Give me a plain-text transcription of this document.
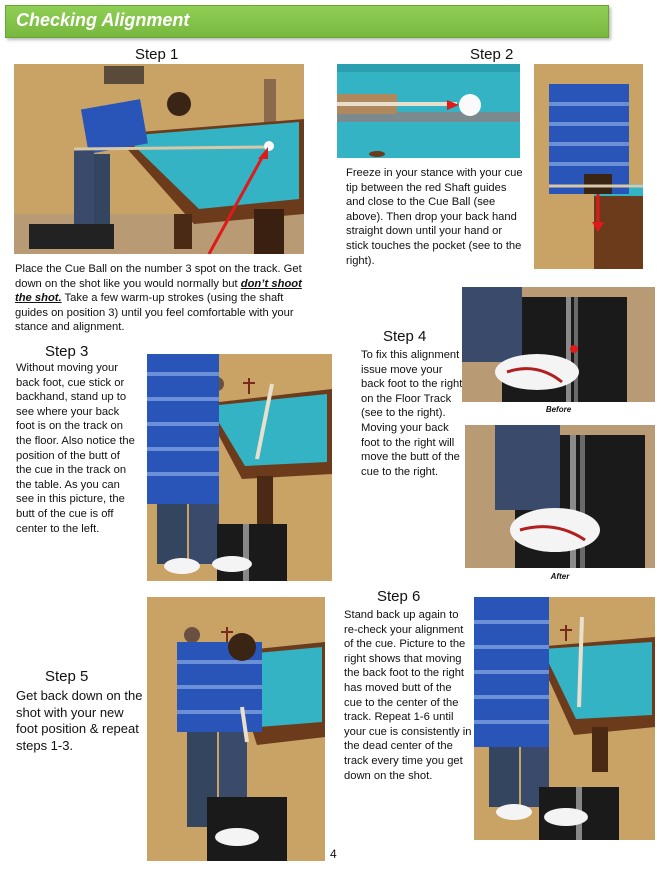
Checking Alignment
Step 1
Place the Cue Ball on the number 3 spot on the track. Get down on the shot like you would normally but don’t shoot the shot. Take a few warm-up strokes (using the shaft guides on position 3) until you feel comfortable with your stance and alignment.
Step 2
Freeze in your stance with your cue tip between the red Shaft guides and close to the Cue Ball (see above). Then drop your back hand straight down until your hand or stick touches the pocket (see to the right).
Step 3
Without moving your back foot, cue stick or backhand, stand up to see where your back foot is on the track on the floor. Also notice the position of the butt of the cue in the track on the table. As you can see in this picture, the butt of the cue is off center to the left.
Step 4
To fix this alignment issue move your back foot to the right on the Floor Track (see to the right). Moving your back foot to the right will move the butt of the cue to the right.
Before
After
Step 5
Get back down on the shot with your new foot position & repeat steps 1-3.
Step 6
Stand back up again to re-check your alignment of the cue. Picture to the right shows that moving the back foot to the right has moved butt of the cue to the center of the track. Repeat 1-6 until your cue is consistently in the dead center of the track every time you get down on the shot.
4
